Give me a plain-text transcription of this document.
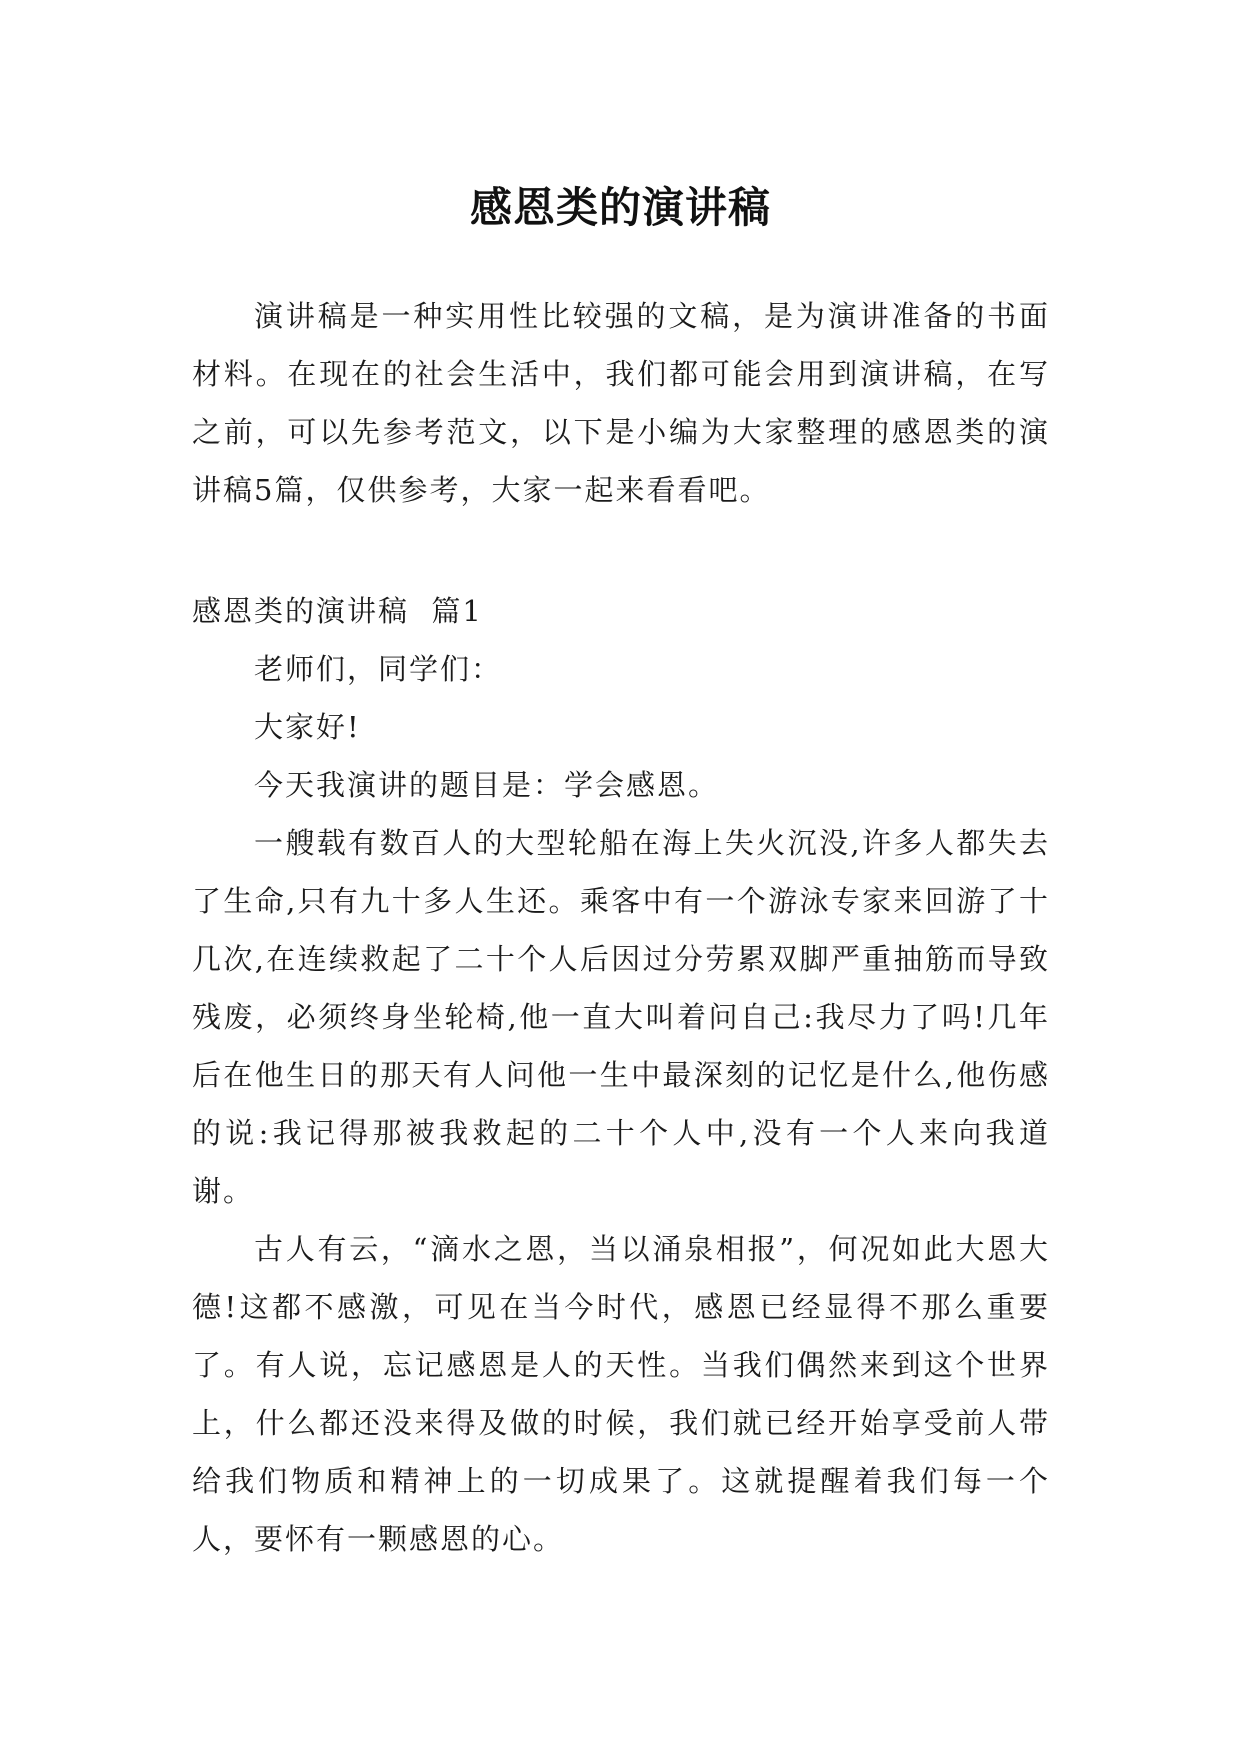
感恩类的演讲稿

演讲稿是一种实用性比较强的文稿，是为演讲准备的书面材料。在现在的社会生活中，我们都可能会用到演讲稿，在写之前，可以先参考范文，以下是小编为大家整理的感恩类的演讲稿5篇，仅供参考，大家一起来看看吧。

感恩类的演讲稿  篇1

老师们，同学们：

大家好!

今天我演讲的题目是：学会感恩。

一艘载有数百人的大型轮船在海上失火沉没,许多人都失去了生命,只有九十多人生还。乘客中有一个游泳专家来回游了十几次,在连续救起了二十个人后因过分劳累双脚严重抽筋而导致残废，必须终身坐轮椅,他一直大叫着问自己:我尽力了吗!几年后在他生日的那天有人问他一生中最深刻的记忆是什么,他伤感的说:我记得那被我救起的二十个人中,没有一个人来向我道谢。

古人有云，“滴水之恩，当以涌泉相报”，何况如此大恩大德!这都不感激，可见在当今时代，感恩已经显得不那么重要了。有人说，忘记感恩是人的天性。当我们偶然来到这个世界上，什么都还没来得及做的时候，我们就已经开始享受前人带给我们物质和精神上的一切成果了。这就提醒着我们每一个人，要怀有一颗感恩的心。
